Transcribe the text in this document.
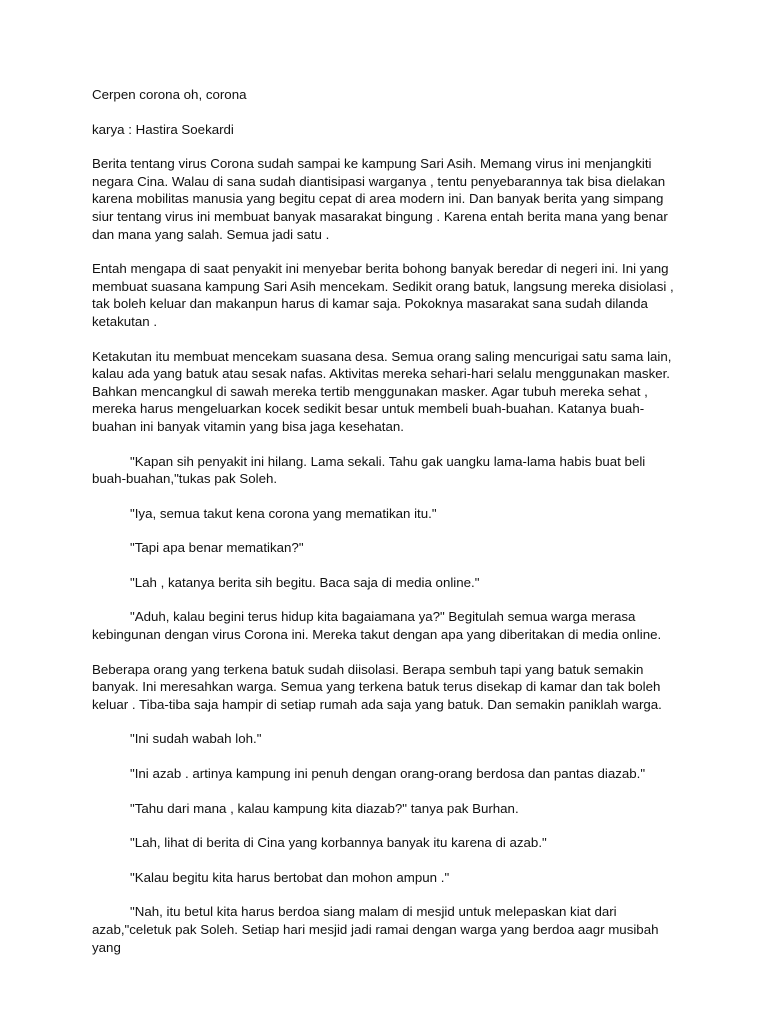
Cerpen corona oh, corona

karya : Hastira Soekardi

Berita tentang virus Corona sudah sampai ke kampung Sari Asih. Memang virus ini menjangkiti negara Cina. Walau di sana sudah diantisipasi warganya , tentu penyebarannya tak bisa dielakan karena mobilitas manusia yang begitu cepat di area modern ini. Dan banyak berita yang simpang siur tentang virus ini membuat banyak masarakat bingung . Karena entah berita mana yang benar dan mana yang salah. Semua jadi satu .

Entah mengapa di saat penyakit ini menyebar berita bohong banyak beredar di negeri ini. Ini yang membuat suasana kampung Sari Asih mencekam. Sedikit orang batuk, langsung mereka disiolasi , tak boleh keluar dan makanpun harus di kamar saja. Pokoknya masarakat sana sudah dilanda ketakutan .

Ketakutan itu membuat mencekam suasana desa. Semua orang saling mencurigai satu sama lain, kalau ada yang batuk atau sesak nafas. Aktivitas mereka sehari-hari selalu menggunakan masker. Bahkan mencangkul di sawah mereka tertib menggunakan masker. Agar tubuh mereka sehat , mereka harus mengeluarkan kocek sedikit besar untuk membeli buah-buahan. Katanya buah-buahan ini banyak vitamin yang bisa jaga kesehatan.

"Kapan sih penyakit ini hilang. Lama sekali. Tahu gak uangku lama-lama habis buat beli buah-buahan,"tukas pak Soleh.

"Iya, semua takut kena corona yang mematikan itu."

"Tapi apa benar mematikan?"

"Lah , katanya berita sih begitu. Baca saja di media online."

"Aduh, kalau begini terus hidup kita bagaiamana ya?" Begitulah semua warga merasa kebingunan dengan virus Corona ini. Mereka takut dengan apa yang diberitakan di media online.

Beberapa orang yang terkena batuk sudah diisolasi. Berapa sembuh tapi yang batuk semakin banyak. Ini meresahkan warga. Semua yang terkena batuk terus disekap di kamar dan tak boleh keluar . Tiba-tiba saja hampir di setiap rumah ada saja yang batuk. Dan semakin paniklah warga.

"Ini sudah wabah loh."

"Ini azab . artinya kampung ini penuh dengan orang-orang berdosa dan pantas diazab."

"Tahu dari mana , kalau kampung kita diazab?" tanya pak Burhan.

"Lah, lihat di berita di Cina yang korbannya banyak itu karena di azab."

"Kalau begitu kita harus bertobat dan mohon ampun ."

"Nah, itu betul kita harus berdoa siang malam di mesjid untuk melepaskan kiat dari azab,"celetuk pak Soleh. Setiap hari mesjid jadi ramai dengan warga yang berdoa aagr musibah yang
